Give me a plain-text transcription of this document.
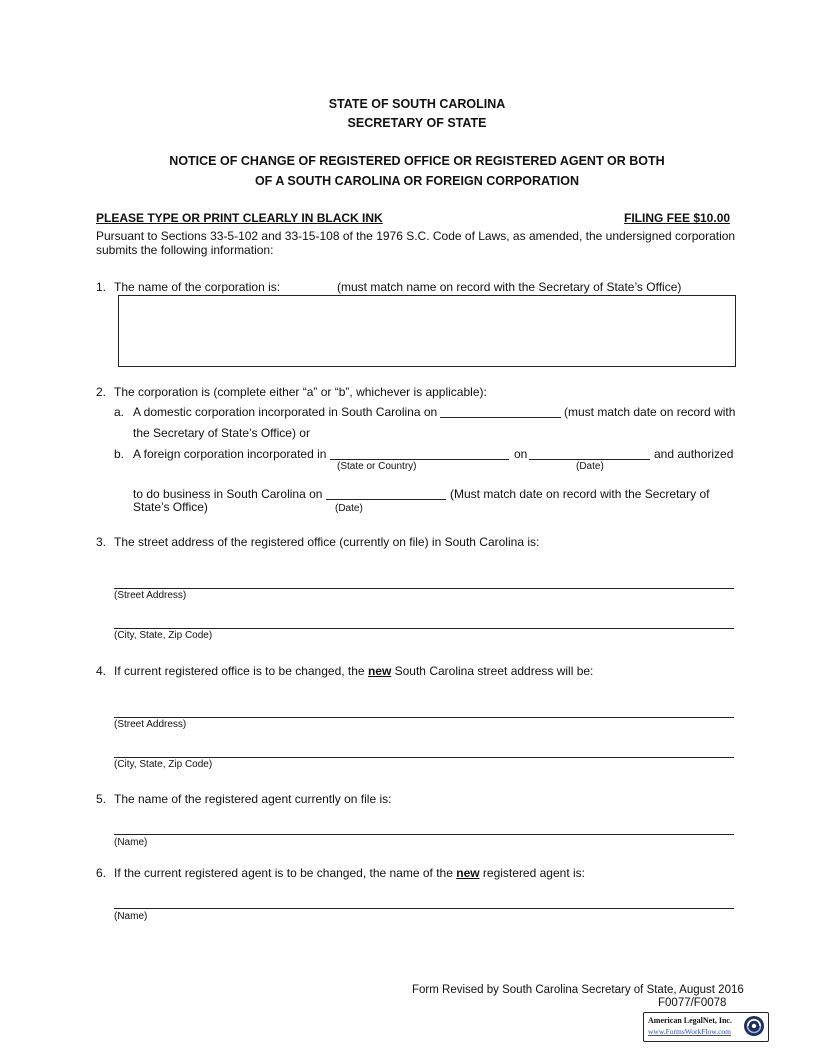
STATE OF SOUTH CAROLINA
SECRETARY OF STATE
NOTICE OF CHANGE OF REGISTERED OFFICE OR REGISTERED AGENT OR BOTH
OF A SOUTH CAROLINA OR FOREIGN CORPORATION
PLEASE TYPE OR PRINT CLEARLY IN BLACK INK	FILING FEE $10.00
Pursuant to Sections 33-5-102 and 33-15-108 of the 1976 S.C. Code of Laws, as amended, the undersigned corporation submits the following information:
1. The name of the corporation is:	(must match name on record with the Secretary of State’s Office)
2. The corporation is (complete either “a” or “b”, whichever is applicable):
a. A domestic corporation incorporated in South Carolina on	(must match date on record with
the Secretary of State’s Office) or
b. A foreign corporation incorporated in	on	and authorized
(State or Country)	(Date)
to do business in South Carolina on	(Must match date on record with the Secretary of
State’s Office)	(Date)
3. The street address of the registered office (currently on file) in South Carolina is:
(Street Address)
(City, State, Zip Code)
4. If current registered office is to be changed, the new South Carolina street address will be:
(Street Address)
(City, State, Zip Code)
5. The name of the registered agent currently on file is:
(Name)
6. If the current registered agent is to be changed, the name of the new registered agent is:
(Name)
Form Revised by South Carolina Secretary of State, August 2016
F0077/F0078
American LegalNet, Inc.
www.FormsWorkFlow.com
